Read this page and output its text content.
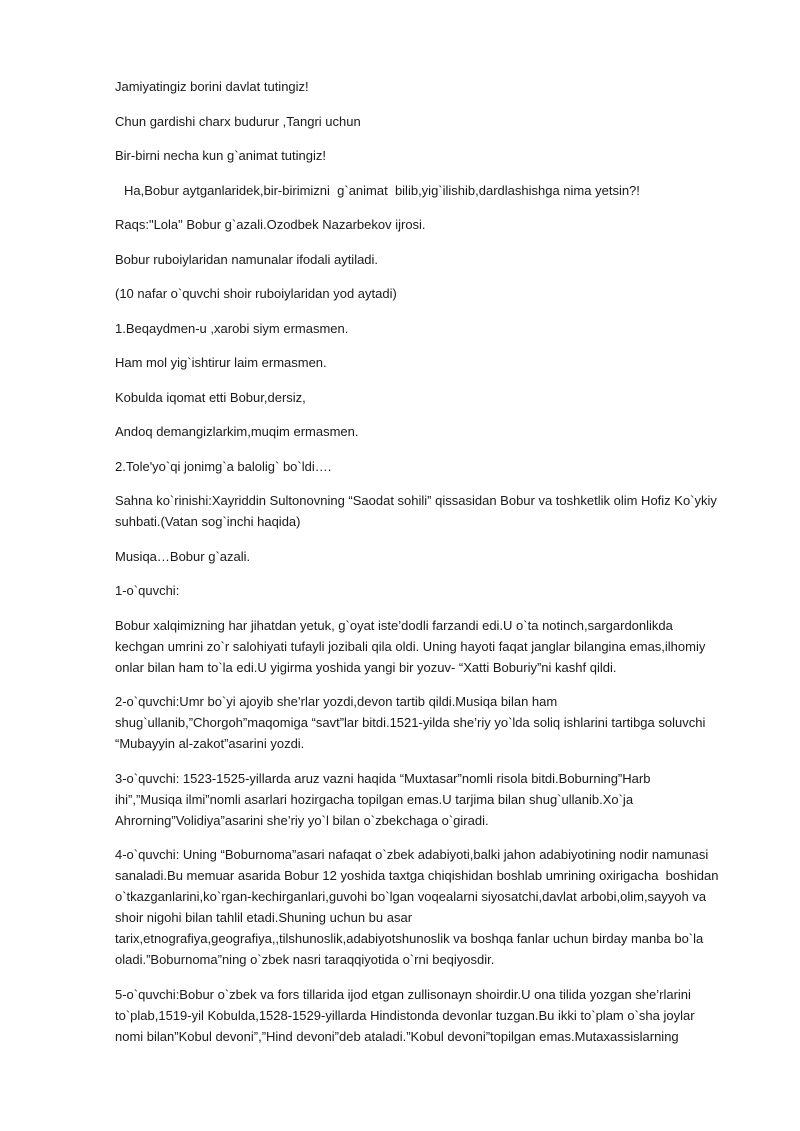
Jamiyatingiz borini davlat tutingiz!
Chun gardishi charx budurur ,Tangri uchun
Bir-birni necha kun g`animat tutingiz!
Ha,Bobur aytganlaridek,bir-birimizni  g`animat  bilib,yig`ilishib,dardlashishga nima yetsin?!
Raqs:"Lola" Bobur g`azali.Ozodbek Nazarbekov ijrosi.
Bobur ruboiylaridan namunalar ifodali aytiladi.
(10 nafar o`quvchi shoir ruboiylaridan yod aytadi)
1.Beqaydmen-u ,xarobi siym ermasmen.
Ham mol yig`ishtirur laim ermasmen.
Kobulda iqomat etti Bobur,dersiz,
Andoq demangizlarkim,muqim ermasmen.
2.Tole'yo`qi jonimg`a balolig` bo`ldi….
Sahna ko`rinishi:Xayriddin Sultonovning “Saodat sohili” qissasidan Bobur va toshketlik olim Hofiz Ko`ykiy
suhbati.(Vatan sog`inchi haqida)
Musiqa…Bobur g`azali.
1-o`quvchi:
Bobur xalqimizning har jihatdan yetuk, g`oyat iste’dodli farzandi edi.U o`ta notinch,sargardonlikda
kechgan umrini zo`r salohiyati tufayli jozibali qila oldi. Uning hayoti faqat janglar bilangina emas,ilhomiy
onlar bilan ham to`la edi.U yigirma yoshida yangi bir yozuv- “Xatti Boburiy”ni kashf qildi.
2-o`quvchi:Umr bo`yi ajoyib she’rlar yozdi,devon tartib qildi.Musiqa bilan ham
shug`ullanib,”Chorgoh”maqomiga “savt”lar bitdi.1521-yilda she’riy yo`lda soliq ishlarini tartibga soluvchi
“Mubayyin al-zakot”asarini yozdi.
3-o`quvchi: 1523-1525-yillarda aruz vazni haqida “Muxtasar”nomli risola bitdi.Boburning”Harb
ihi”,”Musiqa ilmi”nomli asarlari hozirgacha topilgan emas.U tarjima bilan shug`ullanib.Xo`ja
Ahrorning”Volidiya”asarini she’riy yo`l bilan o`zbekchaga o`giradi.
4-o`quvchi: Uning “Boburnoma”asari nafaqat o`zbek adabiyoti,balki jahon adabiyotining nodir namunasi
sanaladi.Bu memuar asarida Bobur 12 yoshida taxtga chiqishidan boshlab umrining oxirigacha  boshidan
o`tkazganlarini,ko`rgan-kechirganlari,guvohi bo`lgan voqealarni siyosatchi,davlat arbobi,olim,sayyoh va
shoir nigohi bilan tahlil etadi.Shuning uchun bu asar
tarix,etnografiya,geografiya,,tilshunoslik,adabiyotshunoslik va boshqa fanlar uchun birday manba bo`la
oladi.”Boburnoma”ning o`zbek nasri taraqqiyotida o`rni beqiyosdir.
5-o`quvchi:Bobur o`zbek va fors tillarida ijod etgan zullisonayn shoirdir.U ona tilida yozgan she’rlarini
to`plab,1519-yil Kobulda,1528-1529-yillarda Hindistonda devonlar tuzgan.Bu ikki to`plam o`sha joylar
nomi bilan”Kobul devoni”,”Hind devoni”deb ataladi.”Kobul devoni”topilgan emas.Mutaxassislarning
